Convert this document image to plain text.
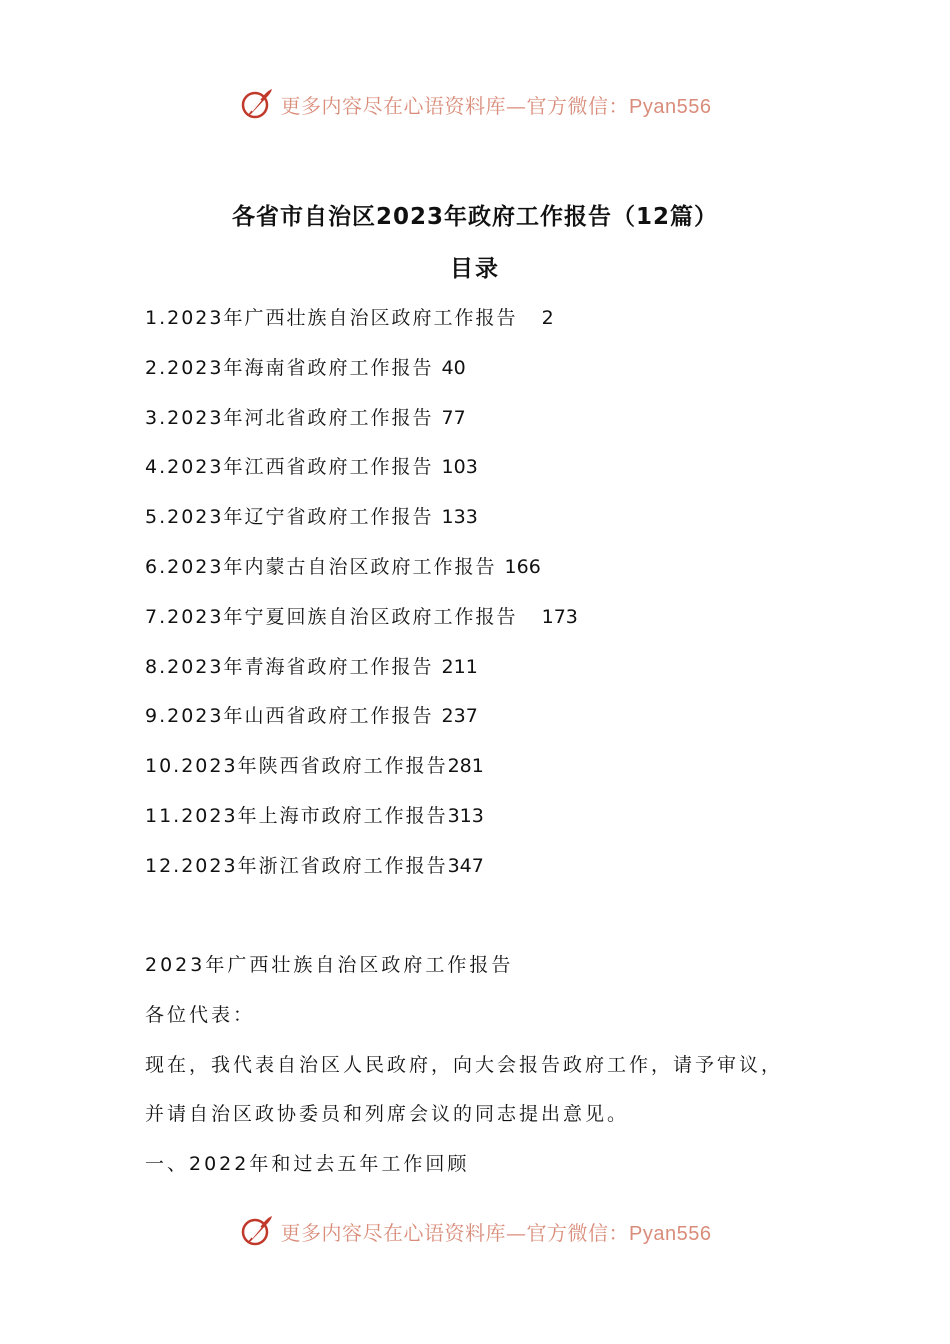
更多内容尽在心语资料库—官方微信：Pyan556
各省市自治区2023年政府工作报告（12篇）
目录
1.2023年广西壮族自治区政府工作报告 2
2.2023年海南省政府工作报告 40
3.2023年河北省政府工作报告 77
4.2023年江西省政府工作报告 103
5.2023年辽宁省政府工作报告 133
6.2023年内蒙古自治区政府工作报告 166
7.2023年宁夏回族自治区政府工作报告 173
8.2023年青海省政府工作报告 211
9.2023年山西省政府工作报告 237
10.2023年陕西省政府工作报告281
11.2023年上海市政府工作报告313
12.2023年浙江省政府工作报告347
2023年广西壮族自治区政府工作报告
各位代表：
现在，我代表自治区人民政府，向大会报告政府工作，请予审议，
并请自治区政协委员和列席会议的同志提出意见。
一、2022年和过去五年工作回顾
更多内容尽在心语资料库—官方微信：Pyan556
